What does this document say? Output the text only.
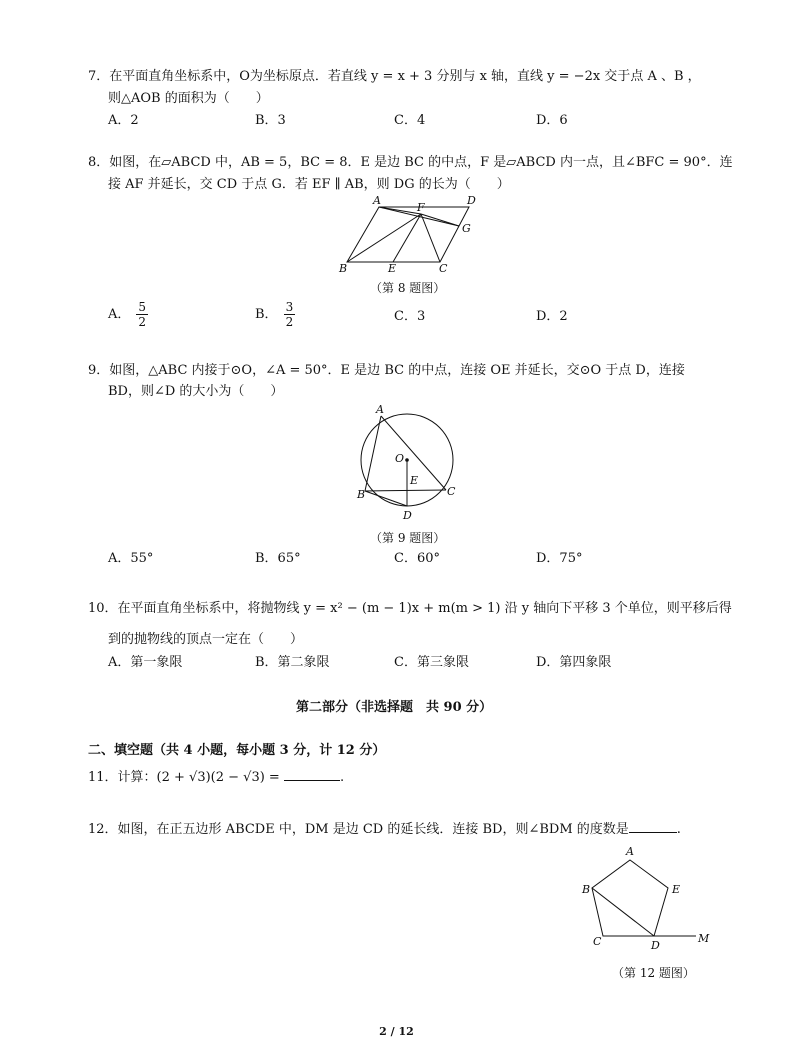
7．在平面直角坐标系中，O为坐标原点．若直线 y = x + 3 分别与 x 轴，直线 y = −2x 交于点 A 、B ，
则△AOB 的面积为（　　）
A．2	B．3	C．4	D．6
8．如图，在▱ABCD 中，AB = 5，BC = 8．E 是边 BC 的中点，F 是▱ABCD 内一点，且∠BFC = 90°．连
接 AF 并延长，交 CD 于点 G．若 EF ∥ AB，则 DG 的长为（　　）
A	D
F
G
B	E	C
（第 8 题图）
A． $\frac{5}{2}$	B． $\frac{3}{2}$	C．3	D．2
9．如图，△ABC 内接于⊙O，∠A = 50°．E 是边 BC 的中点，连接 OE 并延长，交⊙O 于点 D，连接
BD，则∠D 的大小为（　　）
A
O
E
B	C
D
（第 9 题图）
A．55°	B．65°	C．60°	D．75°
10．在平面直角坐标系中，将抛物线 y = x² − (m − 1)x + m(m > 1) 沿 y 轴向下平移 3 个单位，则平移后得
到的抛物线的顶点一定在（　　）
A．第一象限	B．第二象限	C．第三象限	D．第四象限
第二部分（非选择题　共 90 分）
二、填空题（共 4 小题，每小题 3 分，计 12 分）
11．计算：(2 + √3)(2 − √3) =	.
12．如图，在正五边形 ABCDE 中，DM 是边 CD 的延长线．连接 BD，则∠BDM 的度数是	.
A
B	E
C	D
M
（第 12 题图）
2 / 12
